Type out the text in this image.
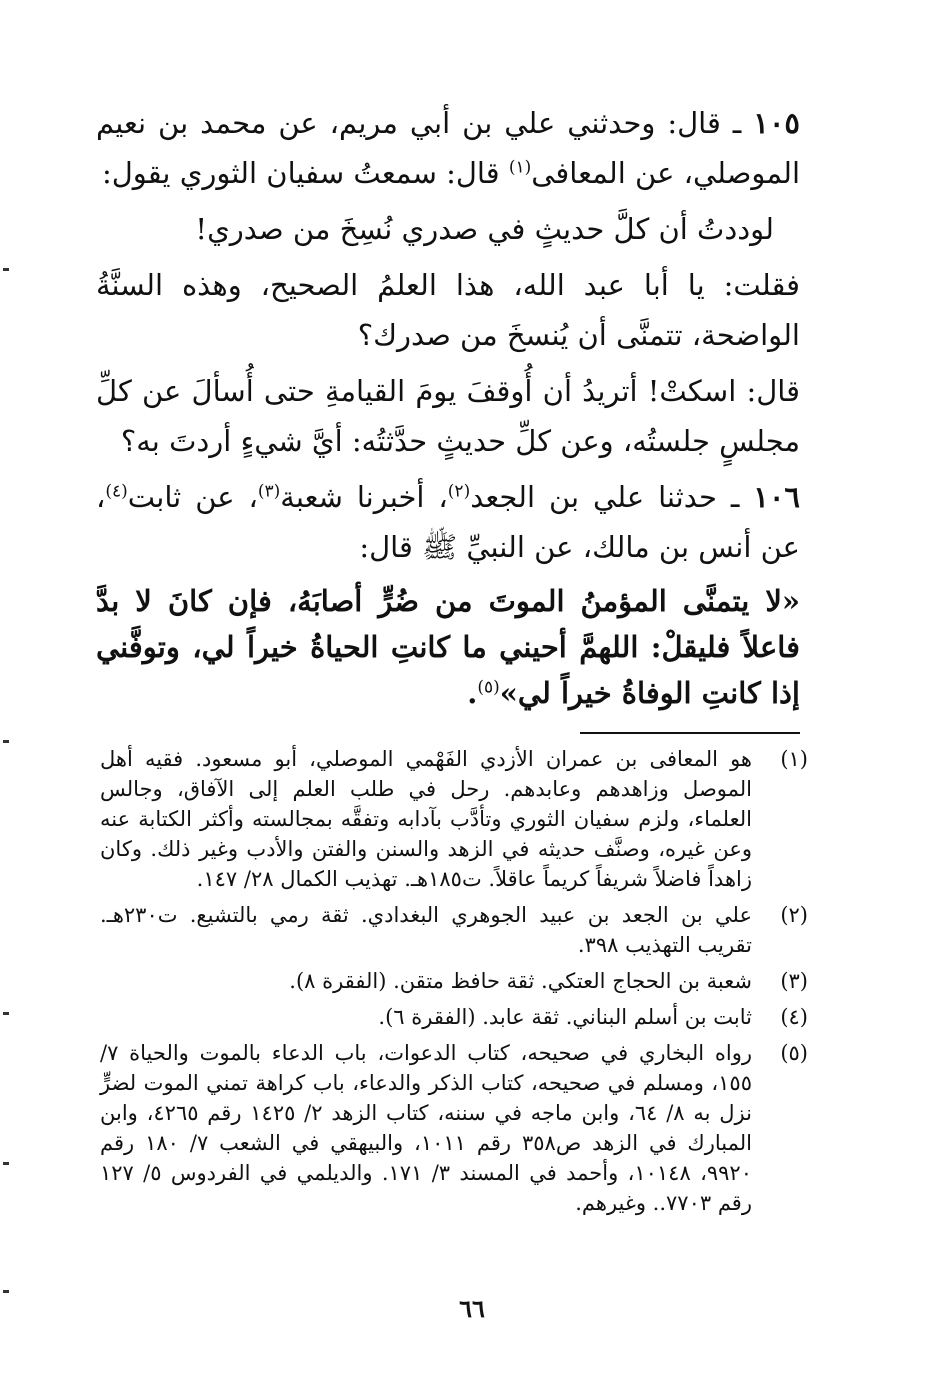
١٠٥ ـ قال: وحدثني علي بن أبي مريم، عن محمد بن نعيم الموصلي، عن المعافى$^{(١)}$ قال: سمعتُ سفيان الثوري يقول:

لوددتُ أن كلَّ حديثٍ في صدري نُسِخَ من صدري!

فقلت: يا أبا عبد الله، هذا العلمُ الصحيح، وهذه السنَّةُ الواضحة، تتمنَّى أن يُنسخَ من صدرك؟

قال: اسكتْ! أتريدُ أن أُوقفَ يومَ القيامةِ حتى أُسألَ عن كلِّ مجلسٍ جلستُه، وعن كلِّ حديثٍ حدَّثتُه: أيَّ شيءٍ أردتَ به؟

١٠٦ ـ حدثنا علي بن الجعد$^{(٢)}$، أخبرنا شعبة$^{(٣)}$، عن ثابت$^{(٤)}$، عن أنس بن مالك، عن النبيِّ ﷺ قال:

«لا يتمنَّى المؤمنُ الموتَ من ضُرٍّ أصابَهُ، فإن كانَ لا بدَّ فاعلاً فليقلْ: اللهمَّ أحيني ما كانتِ الحياةُ خيراً لي، وتوفَّني إذا كانتِ الوفاةُ خيراً لي»$^{(٥)}$.

(١)
هو المعافى بن عمران الأزدي الفَهْمي الموصلي، أبو مسعود. فقيه أهل الموصل وزاهدهم وعابدهم. رحل في طلب العلم إلى الآفاق، وجالس العلماء، ولزم سفيان الثوري وتأدَّب بآدابه وتفقَّه بمجالسته وأكثر الكتابة عنه وعن غيره، وصنَّف حديثه في الزهد والسنن والفتن والأدب وغير ذلك. وكان زاهداً فاضلاً شريفاً كريماً عاقلاً. ت١٨٥هـ. تهذيب الكمال ٢٨/ ١٤٧.
(٢)
علي بن الجعد بن عبيد الجوهري البغدادي. ثقة رمي بالتشيع. ت٢٣٠هـ. تقريب التهذيب ٣٩٨.
(٣)
شعبة بن الحجاج العتكي. ثقة حافظ متقن. (الفقرة ٨).
(٤)
ثابت بن أسلم البناني. ثقة عابد. (الفقرة ٦).
(٥)
رواه البخاري في صحيحه، كتاب الدعوات، باب الدعاء بالموت والحياة ٧/ ١٥٥، ومسلم في صحيحه، كتاب الذكر والدعاء، باب كراهة تمني الموت لضرٍّ نزل به ٨/ ٦٤، وابن ماجه في سننه، كتاب الزهد ٢/ ١٤٢٥ رقم ٤٢٦٥، وابن المبارك في الزهد ص٣٥٨ رقم ١٠١١، والبيهقي في الشعب ٧/ ١٨٠ رقم ٩٩٢٠، ١٠١٤٨، وأحمد في المسند ٣/ ١٧١. والديلمي في الفردوس ٥/ ١٢٧ رقم ٧٧٠٣.. وغيرهم.
٦٦
